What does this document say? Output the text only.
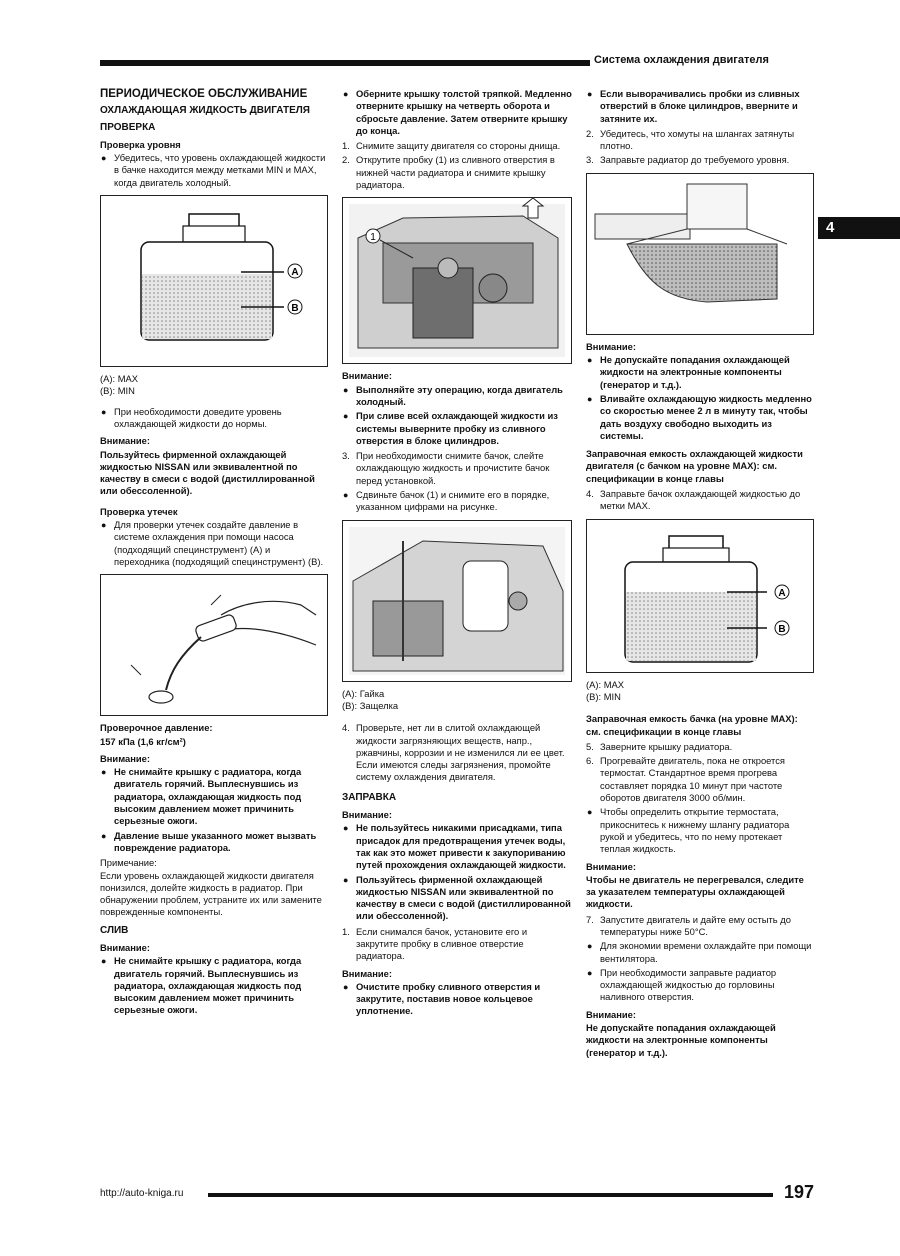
Система охлаждения двигателя
4
ПЕРИОДИЧЕСКОЕ ОБСЛУЖИВАНИЕ
ОХЛАЖДАЮЩАЯ ЖИДКОСТЬ ДВИГАТЕЛЯ
ПРОВЕРКА
Проверка уровня
● Убедитесь, что уровень охлаждающей жидкости в бачке находится между метками MIN и MAX, когда двигатель холодный.
A
B

(A): MAX

(B): MIN

● При необходимости доведите уровень охлаждающей жидкости до нормы.
Внимание:

Пользуйтесь фирменной охлаждающей жидкостью NISSAN или эквивалентной по качеству в смеси с водой (дистиллированной или обессоленной).

Проверка утечек
● Для проверки утечек создайте давление в системе охлаждения при помощи насоса (подходящий специнструмент) (A) и переходника (подходящий специнструмент) (B).
Проверочное давление:

157 кПа (1,6 кг/см²)

Внимание:
● Не снимайте крышку с радиатора, когда двигатель горячий. Выплеснувшись из радиатора, охлаждающая жидкость под высоким давлением может причинить серьезные ожоги.
● Давление выше указанного может вызвать повреждение радиатора.
Примечание:

Если уровень охлаждающей жидкости двигателя понизился, долейте жидкость в радиатор. При обнаружении проблем, устраните их или замените поврежденные компоненты.

СЛИВ
Внимание:
● Не снимайте крышку с радиатора, когда двигатель горячий. Выплеснувшись из радиатора, охлаждающая жидкость под высоким давлением может причинить серьезные ожоги.
● Оберните крышку толстой тряпкой. Медленно отверните крышку на четверть оборота и сбросьте давление. Затем отверните крышку до конца.
1. Снимите защиту двигателя со стороны днища.
2. Открутите пробку (1) из сливного отверстия в нижней части радиатора и снимите крышку радиатора.
1
Внимание:
● Выполняйте эту операцию, когда двигатель холодный.
● При сливе всей охлаждающей жидкости из системы выверните пробку из сливного отверстия в блоке цилиндров.
3. При необходимости снимите бачок, слейте охлаждающую жидкость и прочистите бачок перед установкой.
● Сдвиньте бачок (1) и снимите его в порядке, указанном цифрами на рисунке.

(A): Гайка

(B): Защелка

4. Проверьте, нет ли в слитой охлаждающей жидкости загрязняющих веществ, напр., ржавчины, коррозии и не изменился ли ее цвет. Если имеются следы загрязнения, промойте систему охлаждения двигателя.
ЗАПРАВКА
Внимание:
● Не пользуйтесь никакими присадками, типа присадок для предотвращения утечек воды, так как это может привести к закупориванию путей прохождения охлаждающей жидкости.
● Пользуйтесь фирменной охлаждающей жидкостью NISSAN или эквивалентной по качеству в смеси с водой (дистиллированной или обессоленной).
1. Если снимался бачок, установите его и закрутите пробку в сливное отверстие радиатора.
Внимание:
● Очистите пробку сливного отверстия и закрутите, поставив новое кольцевое уплотнение.
● Если выворачивались пробки из сливных отверстий в блоке цилиндров, вверните и затяните их.
2. Убедитесь, что хомуты на шлангах затянуты плотно.
3. Заправьте радиатор до требуемого уровня.
Внимание:
● Не допускайте попадания охлаждающей жидкости на электронные компоненты (генератор и т.д.).
● Вливайте охлаждающую жидкость медленно со скоростью менее 2 л в минуту так, чтобы дать воздуху свободно выходить из системы.

Заправочная емкость охлаждающей жидкости двигателя (с бачком на уровне MAX): см. спецификации в конце главы

4. Заправьте бачок охлаждающей жидкостью до метки MAX.
A
B

(A): MAX

(B): MIN

Заправочная емкость бачка (на уровне MAX): см. спецификации в конце главы

5. Заверните крышку радиатора.
6. Прогревайте двигатель, пока не откроется термостат. Стандартное время прогрева составляет порядка 10 минут при частоте оборотов двигателя 3000 об/мин.
● Чтобы определить открытие термостата, прикоснитесь к нижнему шлангу радиатора рукой и убедитесь, что по нему протекает теплая жидкость.
Внимание:

Чтобы не двигатель не перегревался, следите за указателем температуры охлаждающей жидкости.

7. Запустите двигатель и дайте ему остыть до температуры ниже 50°C.
● Для экономии времени охлаждайте при помощи вентилятора.
● При необходимости заправьте радиатор охлаждающей жидкостью до горловины наливного отверстия.
Внимание:

Не допускайте попадания охлаждающей жидкости на электронные компоненты (генератор и т.д.).

http://auto-kniga.ru	197
